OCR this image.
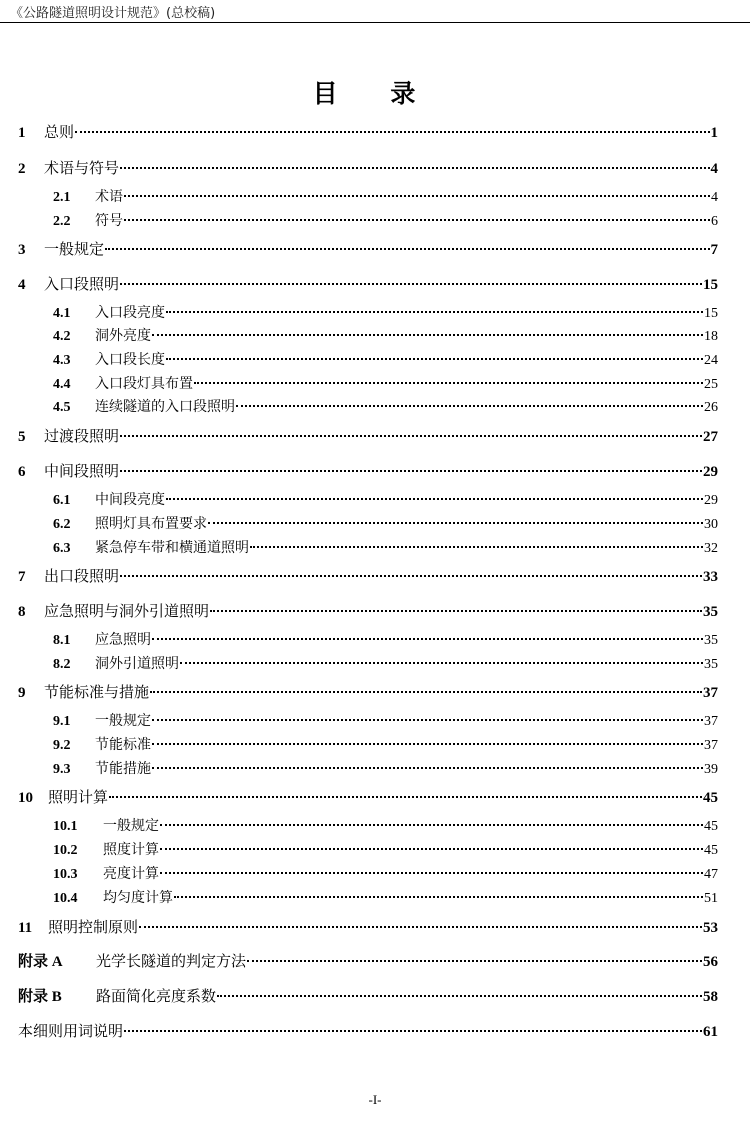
《公路隧道照明设计规范》(总校稿)
目 录
1	总则	1
2	术语与符号	4
2.1	术语	4
2.2	符号	6
3	一般规定	7
4	入口段照明	15
4.1	入口段亮度	15
4.2	洞外亮度	18
4.3	入口段长度	24
4.4	入口段灯具布置	25
4.5	连续隧道的入口段照明	26
5	过渡段照明	27
6	中间段照明	29
6.1	中间段亮度	29
6.2	照明灯具布置要求	30
6.3	紧急停车带和横通道照明	32
7	出口段照明	33
8	应急照明与洞外引道照明	35
8.1	应急照明	35
8.2	洞外引道照明	35
9	节能标准与措施	37
9.1	一般规定	37
9.2	节能标准	37
9.3	节能措施	39
10	照明计算	45
10.1	一般规定	45
10.2	照度计算	45
10.3	亮度计算	47
10.4	均匀度计算	51
11	照明控制原则	53
附录 A	光学长隧道的判定方法	56
附录 B	路面简化亮度系数	58
本细则用词说明	61
-I-
